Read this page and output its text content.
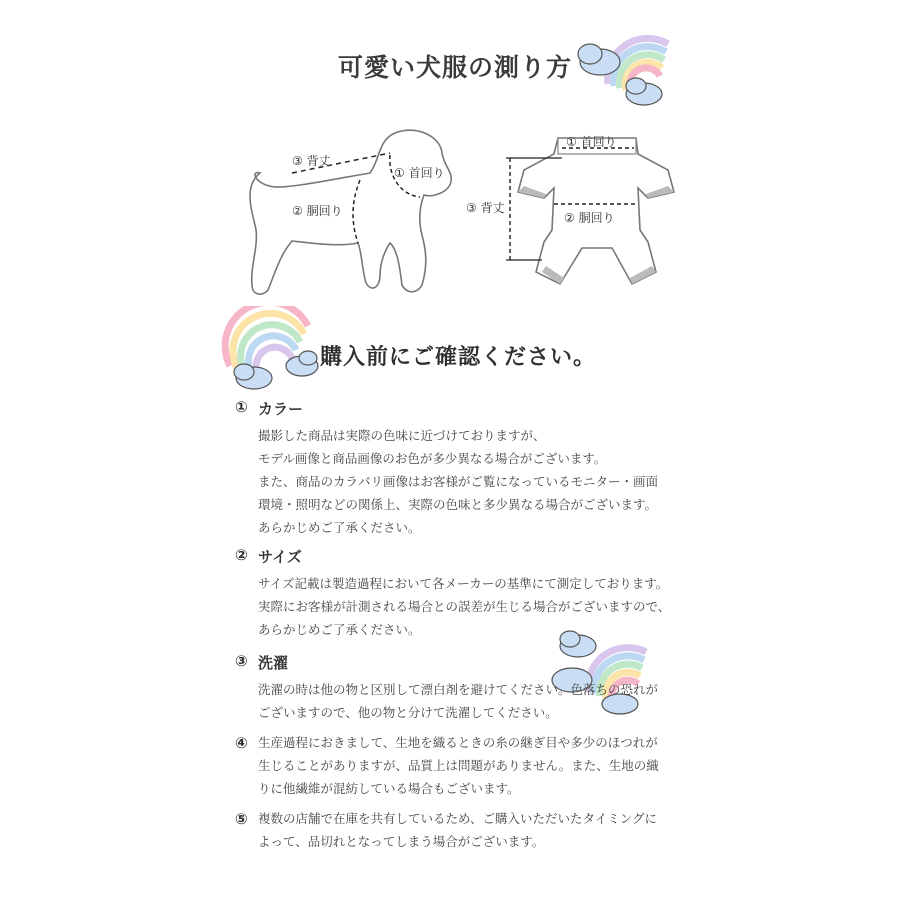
可愛い犬服の測り方
③ 背丈
① 首回り
② 胴回り
① 首回り
③ 背丈
② 胴回り
購入前にご確認ください。
① カラー
撮影した商品は実際の色味に近づけておりますが、
モデル画像と商品画像のお色が多少異なる場合がございます。
また、商品のカラバリ画像はお客様がご覧になっているモニター・画面
環境・照明などの関係上、実際の色味と多少異なる場合がございます。
あらかじめご了承ください。
② サイズ
サイズ記載は製造過程において各メーカーの基準にて測定しております。
実際にお客様が計測される場合との誤差が生じる場合がございますので、
あらかじめご了承ください。
③ 洗濯
洗濯の時は他の物と区別して漂白剤を避けてください。色落ちの恐れが
ございますので、他の物と分けて洗濯してください。
④ 生産過程におきまして、生地を織るときの糸の継ぎ目や多少のほつれが
生じることがありますが、品質上は問題がありません。また、生地の織
りに他繊維が混紡している場合もございます。
⑤ 複数の店舗で在庫を共有しているため、ご購入いただいたタイミングに
よって、品切れとなってしまう場合がございます。
